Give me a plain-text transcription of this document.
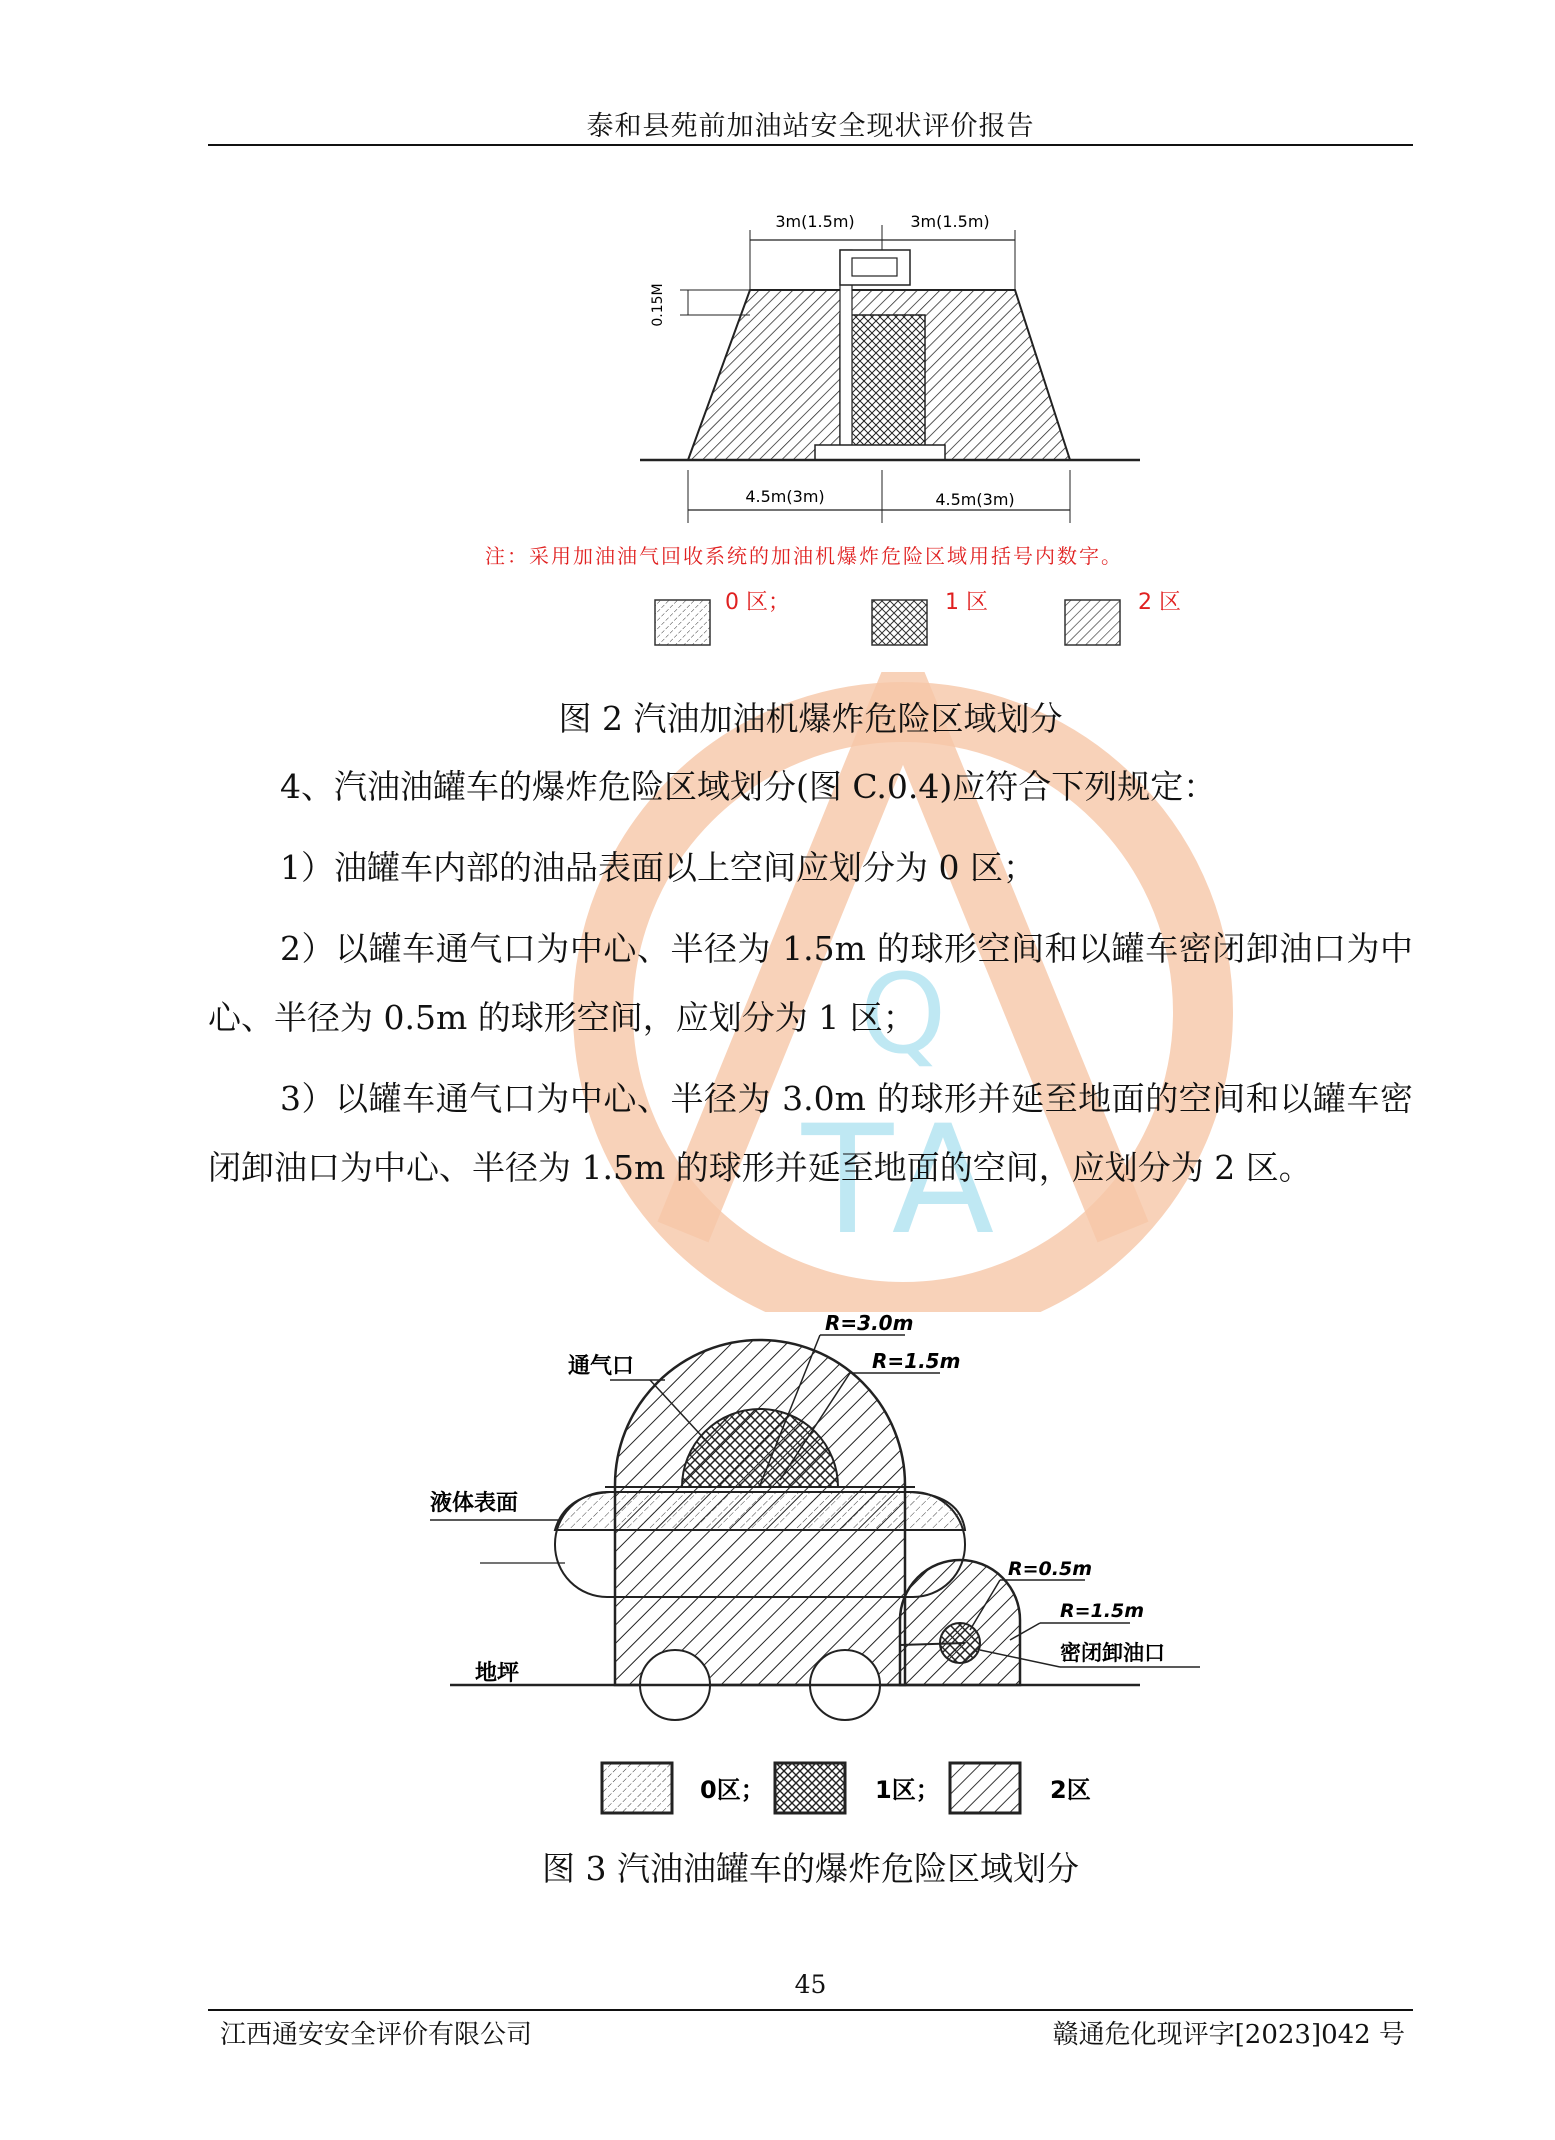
Q
TA
泰和县苑前加油站安全现状评价报告
3m(1.5m)	3m(1.5m)
0.15M
4.5m(3m)	4.5m(3m)
注：采用加油油气回收系统的加油机爆炸危险区域用括号内数字。
0 区；	1 区	2 区
图 2 汽油加油机爆炸危险区域划分
4、汽油油罐车的爆炸危险区域划分(图 C.0.4)应符合下列规定：
1）油罐车内部的油品表面以上空间应划分为 0 区；
2）以罐车通气口为中心、半径为 1.5m 的球形空间和以罐车密闭卸油口为中心、半径为 0.5m 的球形空间，应划分为 1 区；
3）以罐车通气口为中心、半径为 3.0m 的球形并延至地面的空间和以罐车密闭卸油口为中心、半径为 1.5m 的球形并延至地面的空间，应划分为 2 区。
通气口
R=3.0m
R=1.5m
液体表面
地坪
R=0.5m
R=1.5m
密闭卸油口
0区；	1区；	2区
图 3 汽油油罐车的爆炸危险区域划分
45
江西通安安全评价有限公司	赣通危化现评字[2023]042 号
